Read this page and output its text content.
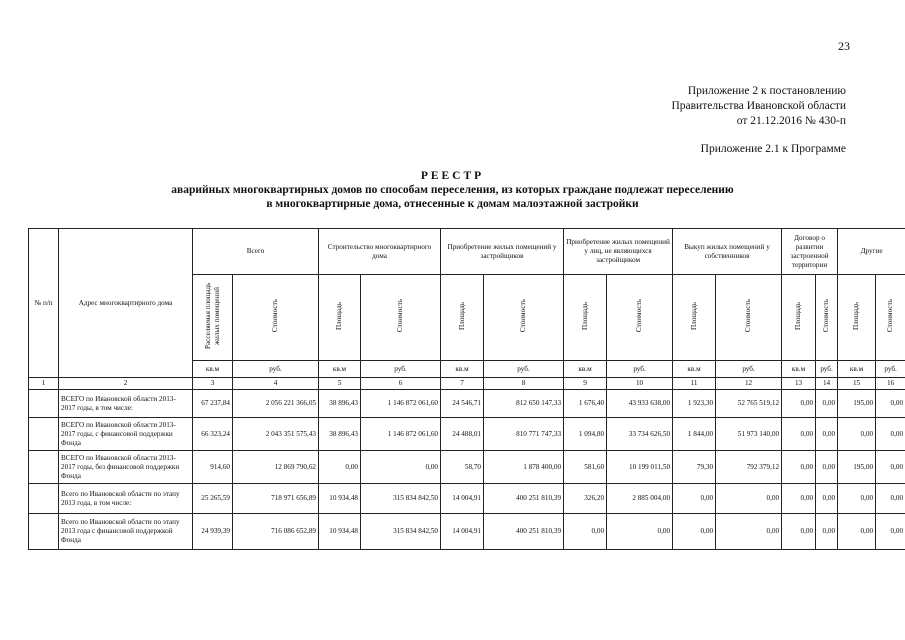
23
Приложение 2 к постановлению
Правительства Ивановской области
от 21.12.2016 № 430-п
Приложение 2.1 к Программе
РЕЕСТР
аварийных многоквартирных домов по способам переселения, из которых граждане подлежат переселению
в многоквартирные дома, отнесенные к домам малоэтажной застройки
№ п/п	Адрес многоквартирного дома	Всего		Строительство многоквартирного дома		Приобретение жилых помещений у застройщиков		Приобретение жилых помещений у лиц, не являющихся застройщиком		Выкуп жилых помещений у собственников		Договор о развитии застроенной территории		Другие		
		Расселяемая площадь жилых помещений	Стоимость	Площадь	Стоимость	Площадь	Стоимость	Площадь	Стоимость	Площадь	Стоимость	Площадь	Стоимость	Площадь	Стоимость		
		кв.м	руб.	кв.м	руб.	кв.м	руб.	кв.м	руб.	кв.м	руб.	кв.м	руб.	кв.м	руб.	
1	2	3	4	5	6	7	8	9	10	11	12	13	14	15	16	
	ВСЕГО по Ивановской области 2013-2017 годы, в том числе:	67 237,84	2 056 221 366,05	38 896,43	1 146 872 061,60	24 546,71	812 650 147,33	1 676,40	43 933 638,00	1 923,30	52 765 519,12	0,00	0,00	195,00	0,00	
	ВСЕГО по Ивановской области 2013-2017 годы, с финансовой поддержки Фонда	66 323,24	2 043 351 575,43	38 896,43	1 146 872 061,60	24 488,01	810 771 747,33	1 094,80	33 734 626,50	1 844,00	51 973 140,00	0,00	0,00	0,00	0,00	
	ВСЕГО по Ивановской области 2013-2017 годы, без финансовой поддержки Фонда	914,60	12 869 790,62	0,00	0,00	58,70	1 878 400,00	581,60	10 199 011,50	79,30	792 379,12	0,00	0,00	195,00	0,00	
	Всего по Ивановской области по этапу 2013 года, в том числе:	25 265,59	718 971 656,89	10 934,48	315 834 842,50	14 004,91	400 251 810,39	326,20	2 885 004,00	0,00	0,00	0,00	0,00	0,00	0,00	
	Всего по Ивановской области по этапу 2013 года с финансовой поддержкой Фонда	24 939,39	716 086 652,89	10 934,48	315 834 842,50	14 004,91	400 251 810,39	0,00	0,00	0,00	0,00	0,00	0,00	0,00	0,00	
